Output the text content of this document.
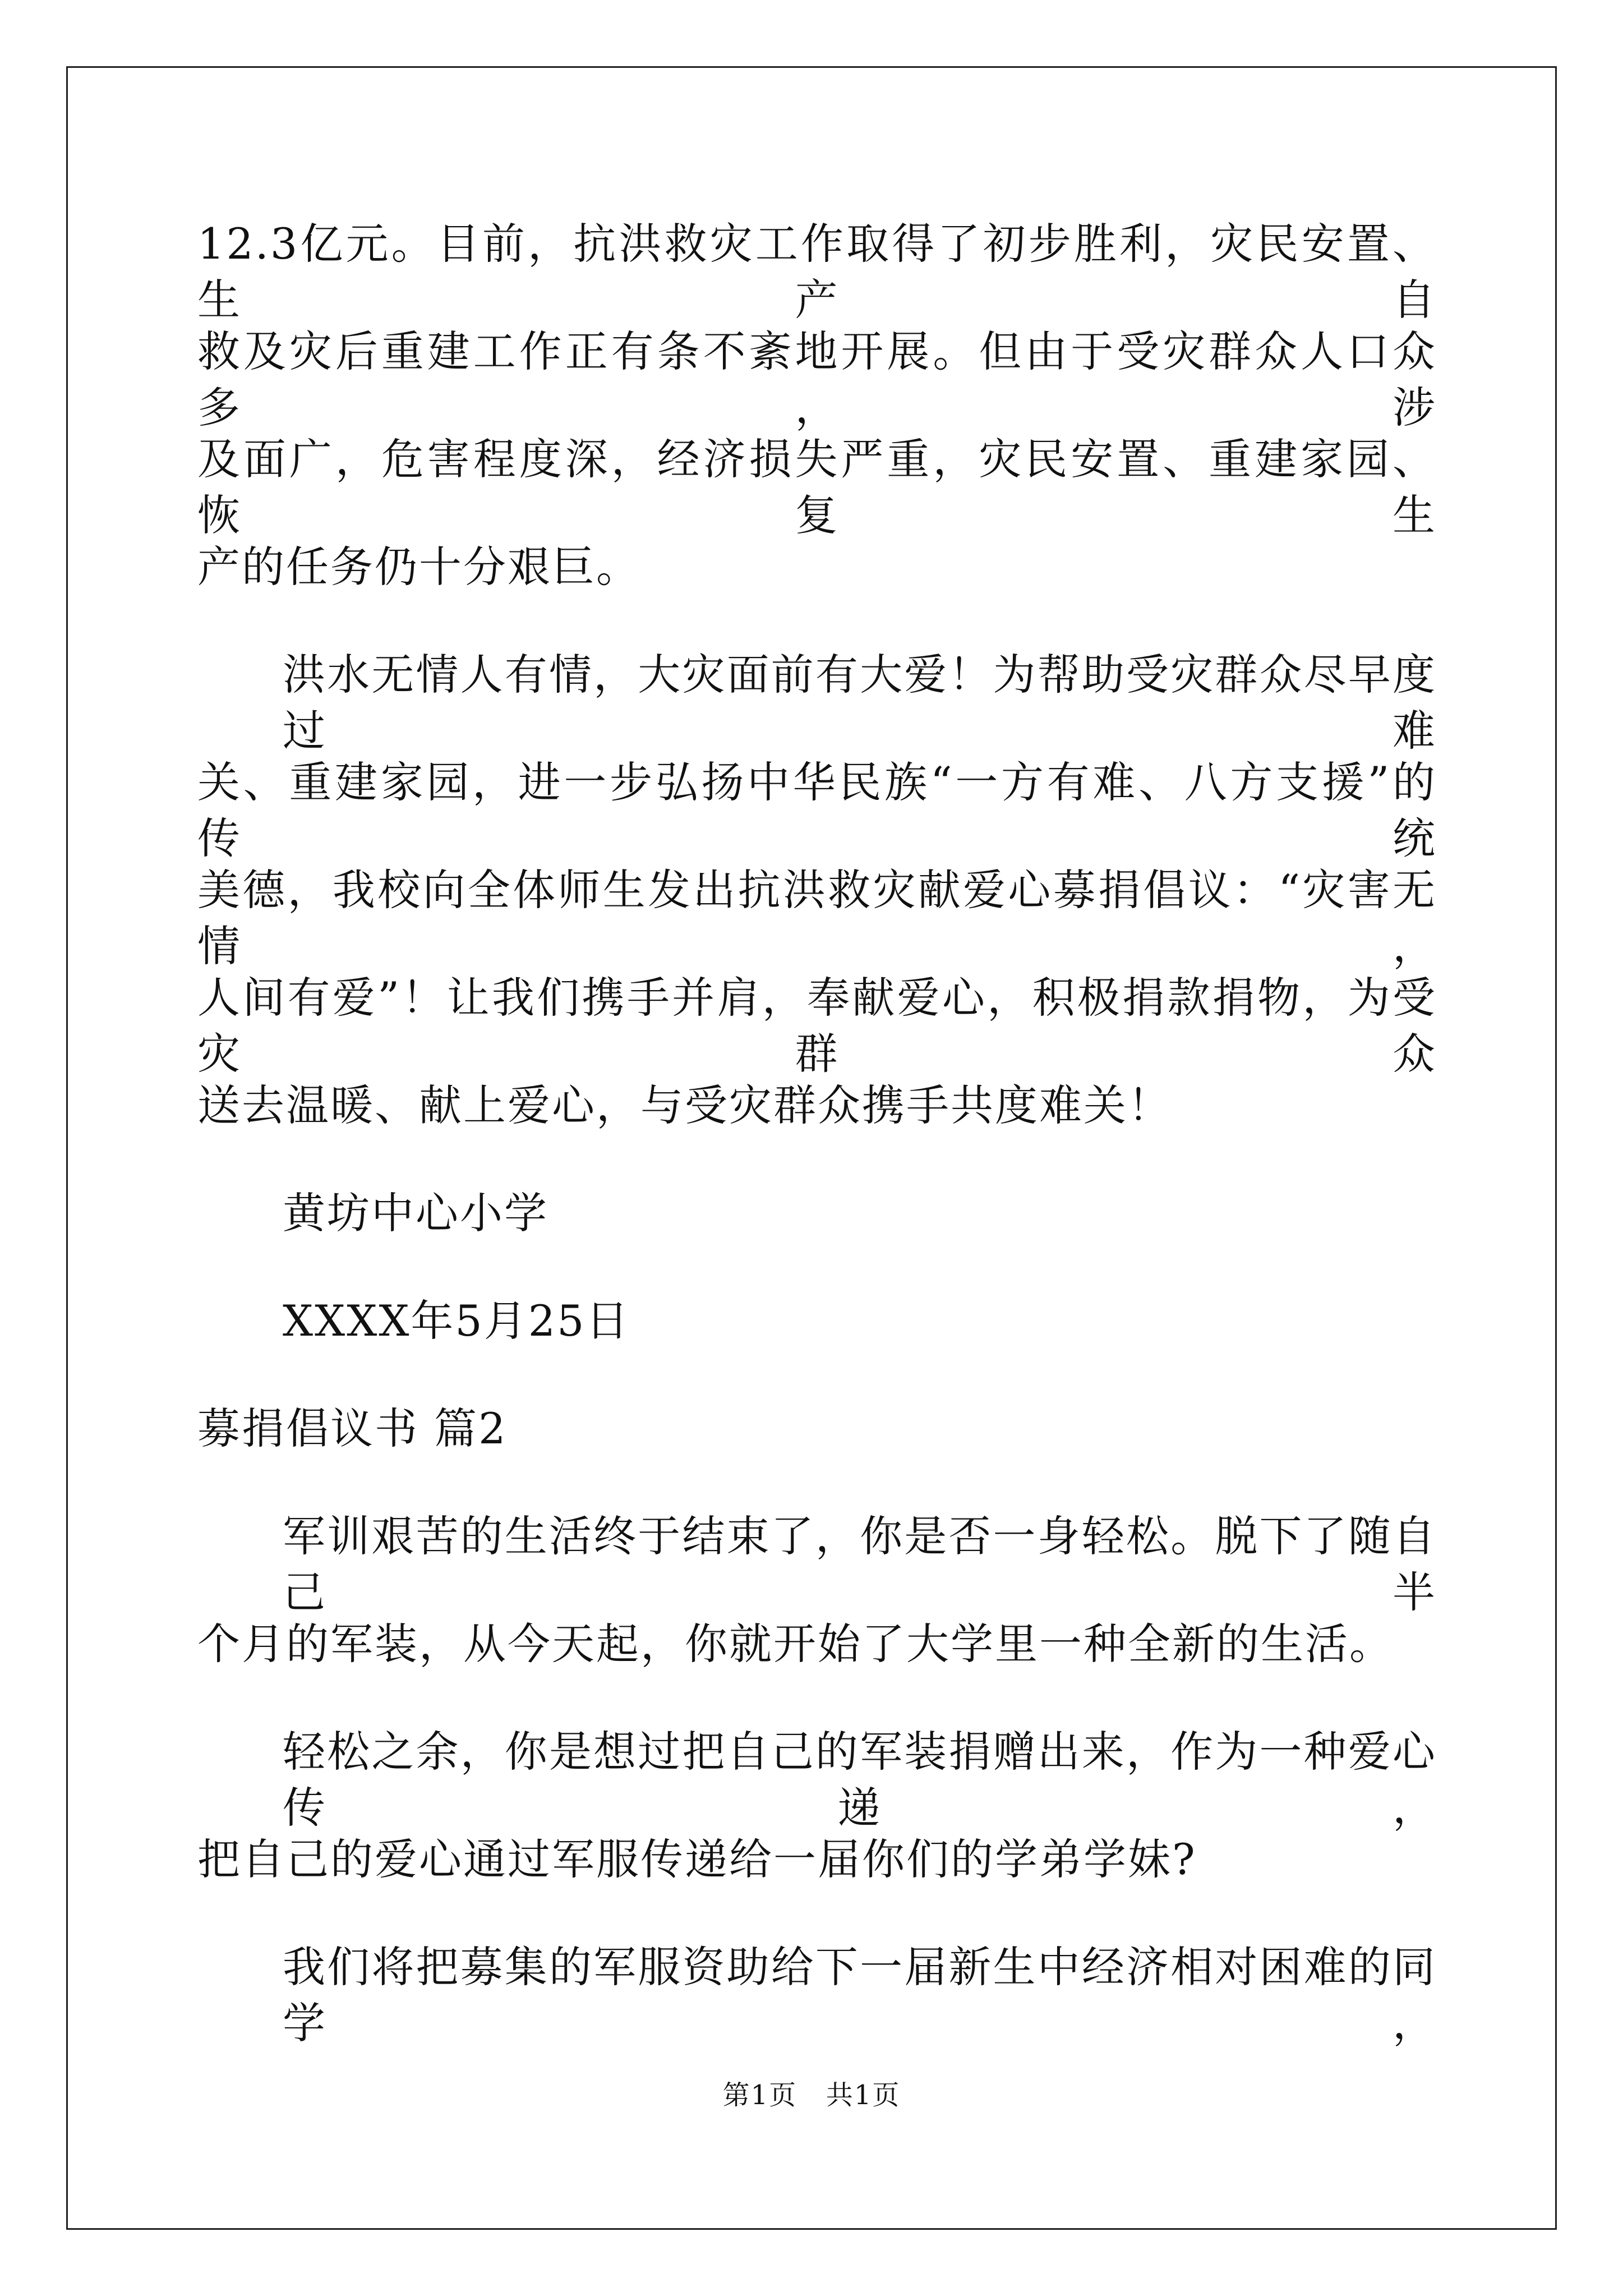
12.3亿元。目前，抗洪救灾工作取得了初步胜利，灾民安置、生产自
救及灾后重建工作正有条不紊地开展。但由于受灾群众人口众多，涉
及面广，危害程度深，经济损失严重，灾民安置、重建家园、恢复生
产的任务仍十分艰巨。
洪水无情人有情，大灾面前有大爱！为帮助受灾群众尽早度过难
关、重建家园，进一步弘扬中华民族“一方有难、八方支援”的传统
美德，我校向全体师生发出抗洪救灾献爱心募捐倡议：“灾害无情，
人间有爱”！让我们携手并肩，奉献爱心，积极捐款捐物，为受灾群众
送去温暖、献上爱心，与受灾群众携手共度难关！
黄坊中心小学
XXXX年5月25日
募捐倡议书 篇2
军训艰苦的生活终于结束了，你是否一身轻松。脱下了随自己半
个月的军装，从今天起，你就开始了大学里一种全新的生活。
轻松之余，你是想过把自己的军装捐赠出来，作为一种爱心传递，
把自己的爱心通过军服传递给一届你们的学弟学妹?
我们将把募集的军服资助给下一届新生中经济相对困难的同学，
第1页 共1页
